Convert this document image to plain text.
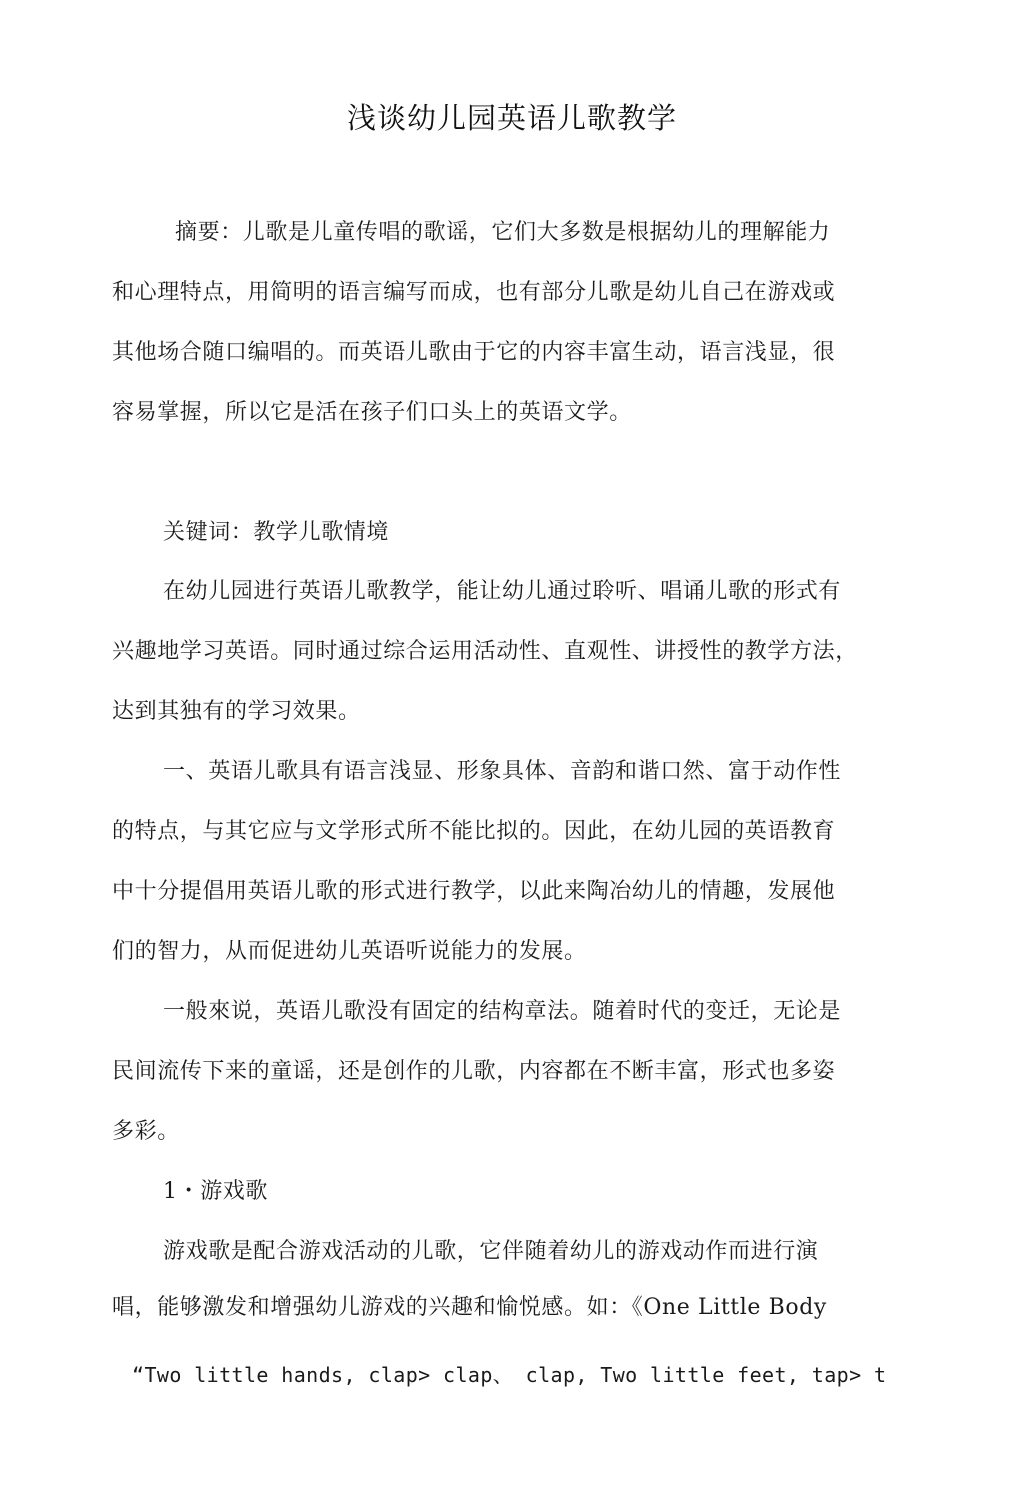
浅谈幼儿园英语儿歌教学
摘要：儿歌是儿童传唱的歌谣，它们大多数是根据幼儿的理解能力
和心理特点，用简明的语言编写而成，也有部分儿歌是幼儿自己在游戏或
其他场合随口编唱的。而英语儿歌由于它的内容丰富生动，语言浅显，很
容易掌握，所以它是活在孩子们口头上的英语文学。
关键词：教学儿歌情境
在幼儿园进行英语儿歌教学，能让幼儿通过聆听、唱诵儿歌的形式有
兴趣地学习英语。同时通过综合运用活动性、直观性、讲授性的教学方法，
达到其独有的学习效果。
一、英语儿歌具有语言浅显、形象具体、音韵和谐口然、富于动作性
的特点，与其它应与文学形式所不能比拟的。因此，在幼儿园的英语教育
中十分提倡用英语儿歌的形式进行教学，以此来陶冶幼儿的情趣，发展他
们的智力，从而促进幼儿英语听说能力的发展。
一般來说，英语儿歌没有固定的结构章法。随着时代的变迁，无论是
民间流传下来的童谣，还是创作的儿歌，内容都在不断丰富，形式也多姿
多彩。
1・游戏歌
游戏歌是配合游戏活动的儿歌，它伴随着幼儿的游戏动作而进行演
唱，能够激发和增强幼儿游戏的兴趣和愉悦感。如：《One Little Body
“Two little hands, clap> clap、 clap, Two little feet, tap> t
